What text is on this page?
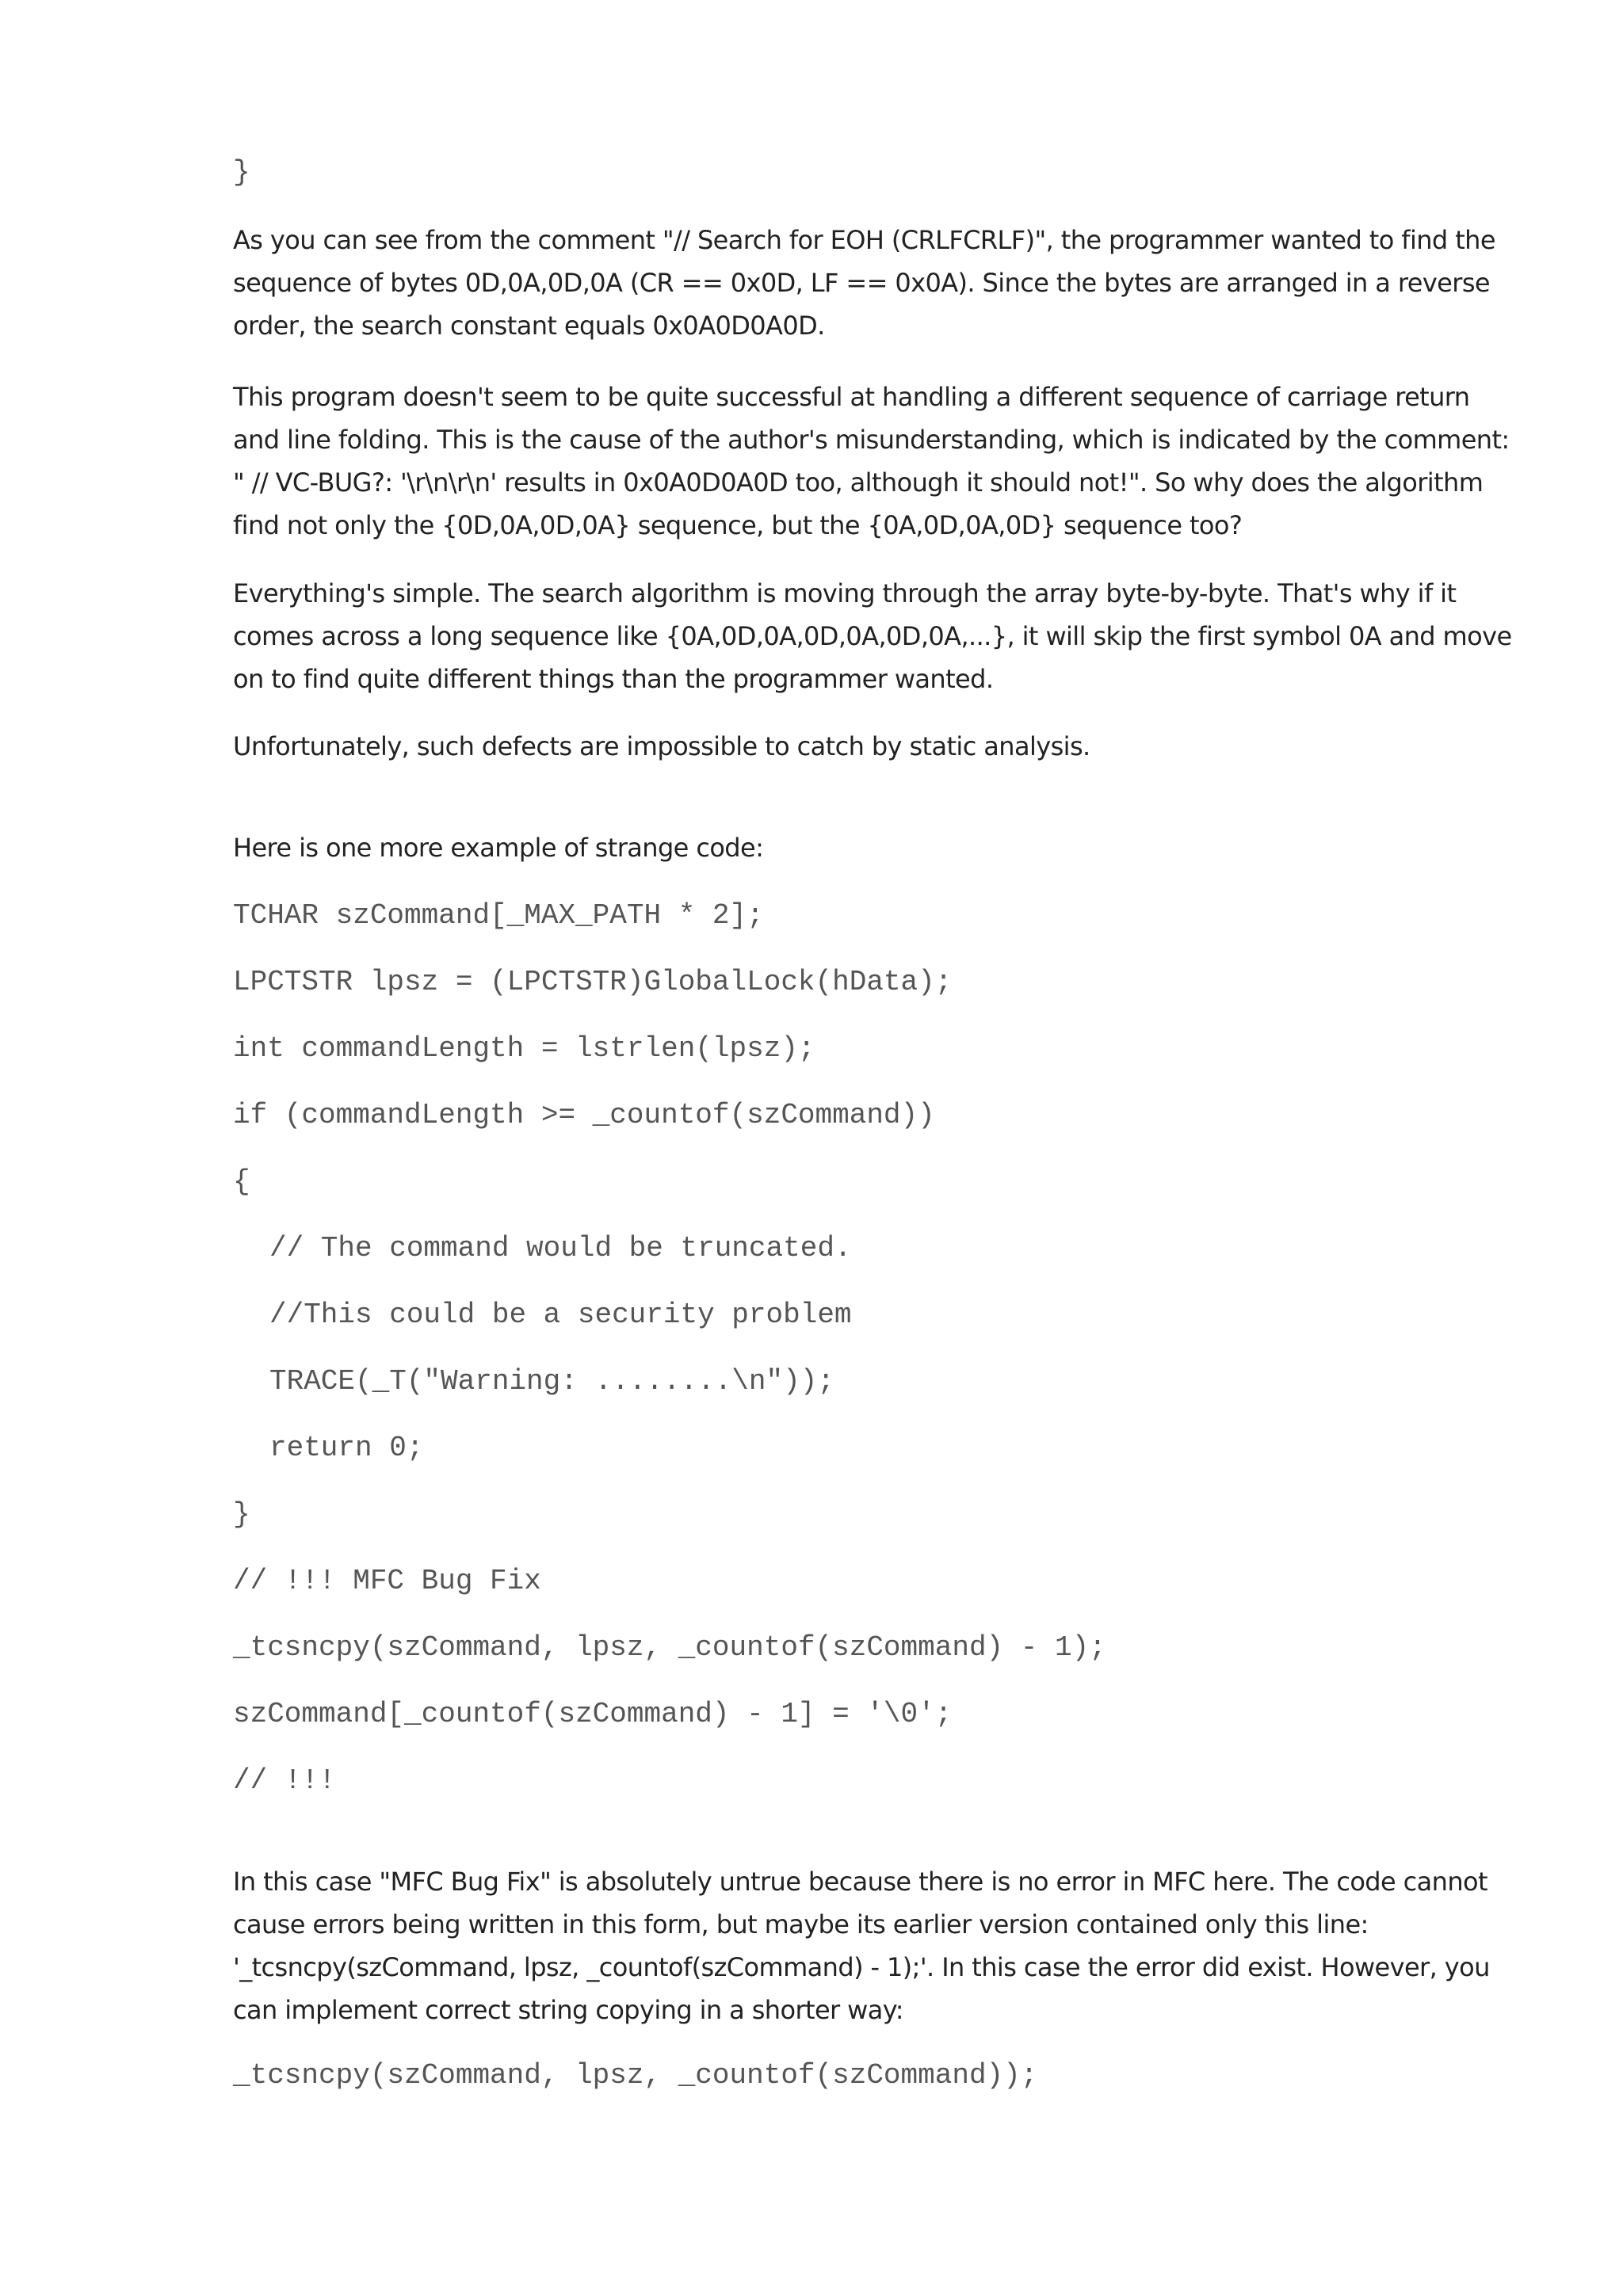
}

As you can see from the comment "// Search for EOH (CRLFCRLF)", the programmer wanted to find the sequence of bytes 0D,0A,0D,0A (CR == 0x0D, LF == 0x0A). Since the bytes are arranged in a reverse order, the search constant equals 0x0A0D0A0D.

This program doesn't seem to be quite successful at handling a different sequence of carriage return and line folding. This is the cause of the author's misunderstanding, which is indicated by the comment: " // VC-BUG?: '\r\n\r\n' results in 0x0A0D0A0D too, although it should not!". So why does the algorithm find not only the {0D,0A,0D,0A} sequence, but the {0A,0D,0A,0D} sequence too?

Everything's simple. The search algorithm is moving through the array byte-by-byte. That's why if it comes across a long sequence like {0A,0D,0A,0D,0A,0D,0A,...}, it will skip the first symbol 0A and move on to find quite different things than the programmer wanted.

Unfortunately, such defects are impossible to catch by static analysis.

Here is one more example of strange code:

TCHAR szCommand[_MAX_PATH * 2];
LPCTSTR lpsz = (LPCTSTR)GlobalLock(hData);
int commandLength = lstrlen(lpsz);
if (commandLength >= _countof(szCommand))
{
// The command would be truncated.
//This could be a security problem
TRACE(_T("Warning: ........\n"));
return 0;
}
// !!! MFC Bug Fix
_tcsncpy(szCommand, lpsz, _countof(szCommand) - 1);
szCommand[_countof(szCommand) - 1] = '\0';
// !!!

In this case "MFC Bug Fix" is absolutely untrue because there is no error in MFC here. The code cannot cause errors being written in this form, but maybe its earlier version contained only this line: '_tcsncpy(szCommand, lpsz, _countof(szCommand) - 1);'. In this case the error did exist. However, you can implement correct string copying in a shorter way:

_tcsncpy(szCommand, lpsz, _countof(szCommand));
